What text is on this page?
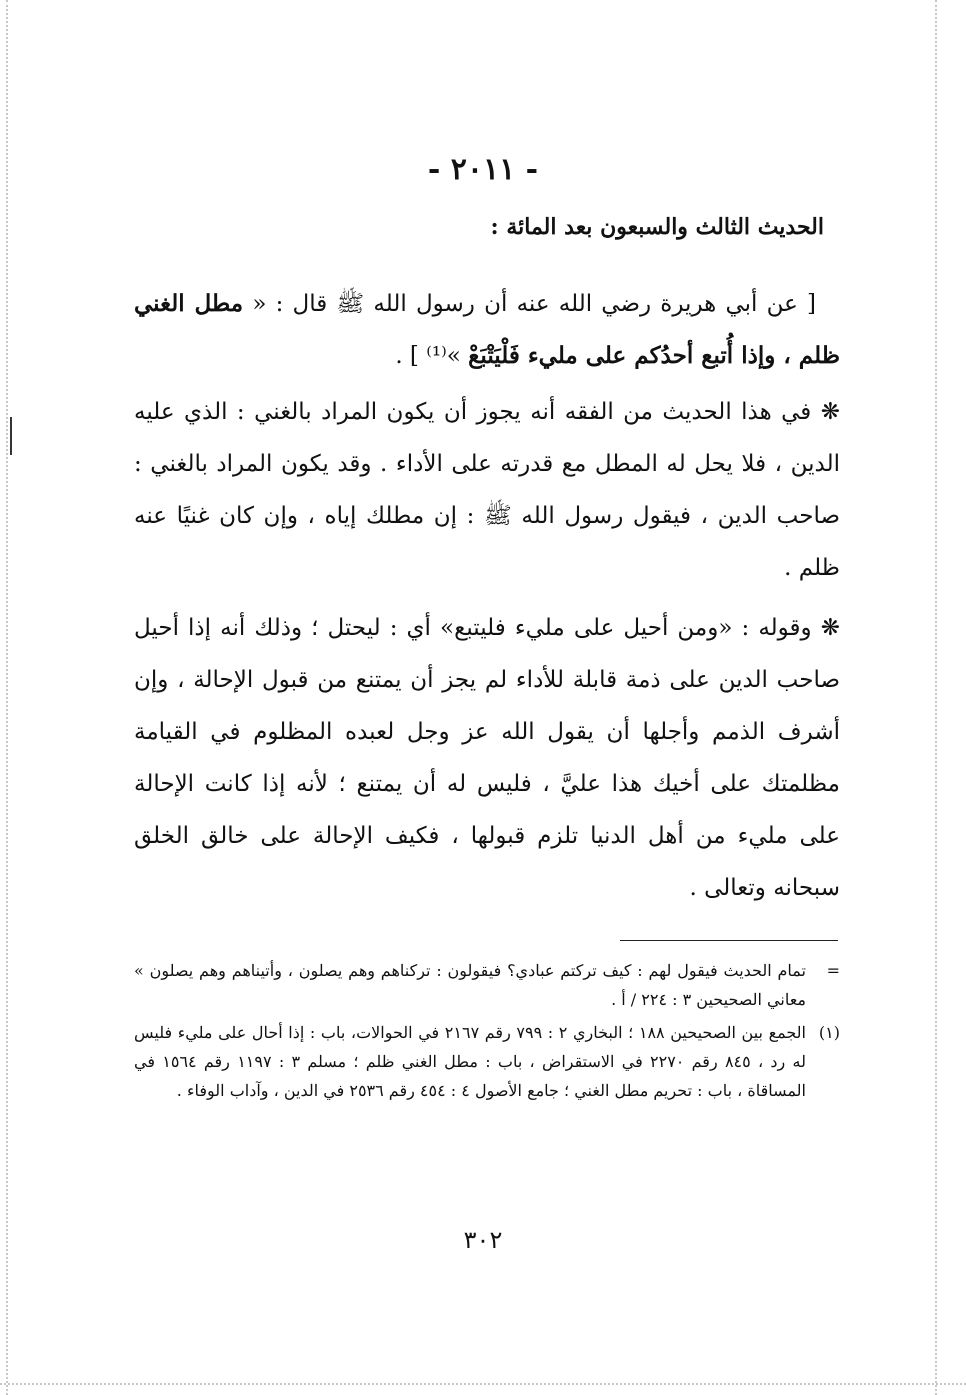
- ٢٠١١ -
الحديث الثالث والسبعون بعد المائة :
[ عن أبي هريرة رضي الله عنه أن رسول الله ﷺ قال : « مطل الغني ظلم ، وإذا أُتبع أحدُكم على مليء فَلْيَتْبَعْ »⁽¹⁾ ] .
❋ في هذا الحديث من الفقه أنه يجوز أن يكون المراد بالغني : الذي عليه الدين ، فلا يحل له المطل مع قدرته على الأداء . وقد يكون المراد بالغني : صاحب الدين ، فيقول رسول الله ﷺ : إن مطلك إياه ، وإن كان غنيًا عنه ظلم .
❋ وقوله : «ومن أحيل على مليء فليتبع» أي : ليحتل ؛ وذلك أنه إذا أحيل صاحب الدين على ذمة قابلة للأداء لم يجز أن يمتنع من قبول الإحالة ، وإن أشرف الذمم وأجلها أن يقول الله عز وجل لعبده المظلوم في القيامة مظلمتك على أخيك هذا عليَّ ، فليس له أن يمتنع ؛ لأنه إذا كانت الإحالة على مليء من أهل الدنيا تلزم قبولها ، فكيف الإحالة على خالق الخلق سبحانه وتعالى .
=
تمام الحديث فيقول لهم : كيف تركتم عبادي؟ فيقولون : تركناهم وهم يصلون ، وأتيناهم وهم يصلون » معاني الصحيحين ٣ : ٢٢٤ / أ .
(١)
الجمع بين الصحيحين ١٨٨ ؛ البخاري ٢ : ٧٩٩ رقم ٢١٦٧ في الحوالات، باب : إذا أحال على مليء فليس له رد ، ٨٤٥ رقم ٢٢٧٠ في الاستقراض ، باب : مطل الغني ظلم ؛ مسلم ٣ : ١١٩٧ رقم ١٥٦٤ في المساقاة ، باب : تحريم مطل الغني ؛ جامع الأصول ٤ : ٤٥٤ رقم ٢٥٣٦ في الدين ، وآداب الوفاء .
٣٠٢
